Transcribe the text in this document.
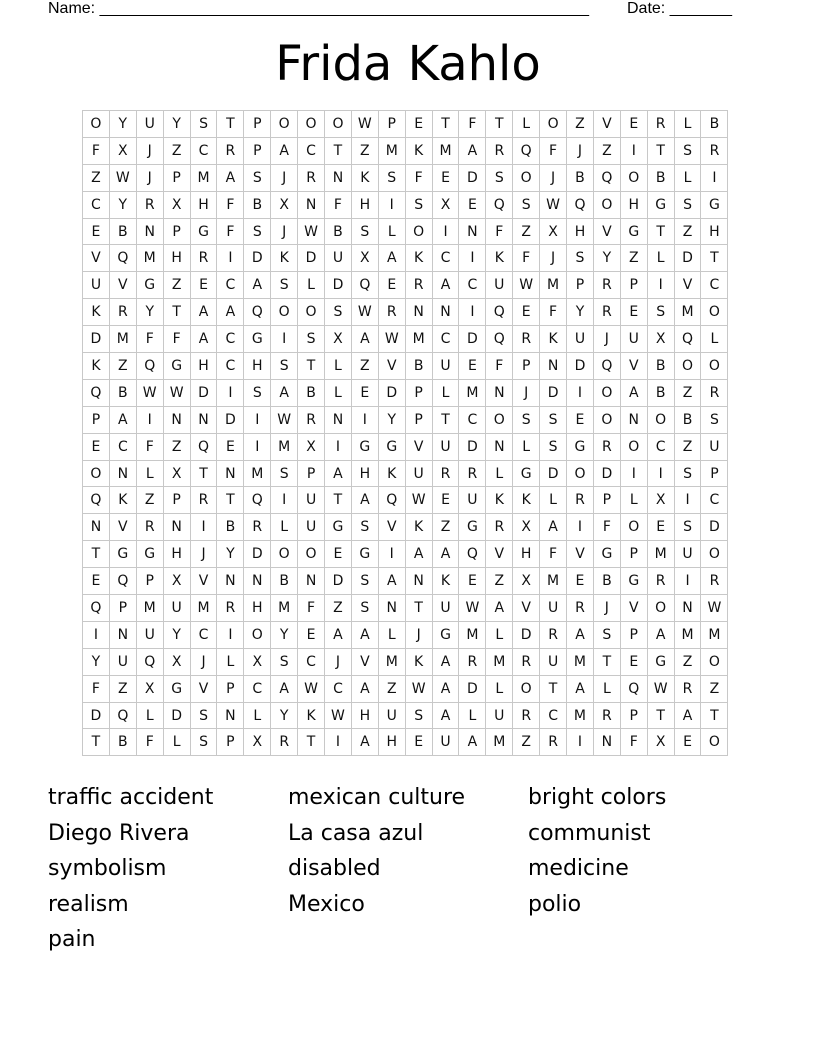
Name: _______________________________________________________ Date: _______
Frida Kahlo
O	Y	U	Y	S	T	P	O	O	O	W	P	E	T	F	T	L	O	Z	V	E	R	L	B
F	X	J	Z	C	R	P	A	C	T	Z	M	K	M	A	R	Q	F	J	Z	I	T	S	R
Z	W	J	P	M	A	S	J	R	N	K	S	F	E	D	S	O	J	B	Q	O	B	L	I
C	Y	R	X	H	F	B	X	N	F	H	I	S	X	E	Q	S	W	Q	O	H	G	S	G
E	B	N	P	G	F	S	J	W	B	S	L	O	I	N	F	Z	X	H	V	G	T	Z	H
V	Q	M	H	R	I	D	K	D	U	X	A	K	C	I	K	F	J	S	Y	Z	L	D	T
U	V	G	Z	E	C	A	S	L	D	Q	E	R	A	C	U	W	M	P	R	P	I	V	C
K	R	Y	T	A	A	Q	O	O	S	W	R	N	N	I	Q	E	F	Y	R	E	S	M	O
D	M	F	F	A	C	G	I	S	X	A	W	M	C	D	Q	R	K	U	J	U	X	Q	L
K	Z	Q	G	H	C	H	S	T	L	Z	V	B	U	E	F	P	N	D	Q	V	B	O	O
Q	B	W	W	D	I	S	A	B	L	E	D	P	L	M	N	J	D	I	O	A	B	Z	R
P	A	I	N	N	D	I	W	R	N	I	Y	P	T	C	O	S	S	E	O	N	O	B	S
E	C	F	Z	Q	E	I	M	X	I	G	G	V	U	D	N	L	S	G	R	O	C	Z	U
O	N	L	X	T	N	M	S	P	A	H	K	U	R	R	L	G	D	O	D	I	I	S	P
Q	K	Z	P	R	T	Q	I	U	T	A	Q	W	E	U	K	K	L	R	P	L	X	I	C
N	V	R	N	I	B	R	L	U	G	S	V	K	Z	G	R	X	A	I	F	O	E	S	D
T	G	G	H	J	Y	D	O	O	E	G	I	A	A	Q	V	H	F	V	G	P	M	U	O
E	Q	P	X	V	N	N	B	N	D	S	A	N	K	E	Z	X	M	E	B	G	R	I	R
Q	P	M	U	M	R	H	M	F	Z	S	N	T	U	W	A	V	U	R	J	V	O	N	W
I	N	U	Y	C	I	O	Y	E	A	A	L	J	G	M	L	D	R	A	S	P	A	M	M
Y	U	Q	X	J	L	X	S	C	J	V	M	K	A	R	M	R	U	M	T	E	G	Z	O
F	Z	X	G	V	P	C	A	W	C	A	Z	W	A	D	L	O	T	A	L	Q	W	R	Z
D	Q	L	D	S	N	L	Y	K	W	H	U	S	A	L	U	R	C	M	R	P	T	A	T
T	B	F	L	S	P	X	R	T	I	A	H	E	U	A	M	Z	R	I	N	F	X	E	O
traffic accident	mexican culture	bright colors
Diego Rivera	La casa azul	communist
symbolism	disabled	medicine
realism	Mexico	polio
pain
